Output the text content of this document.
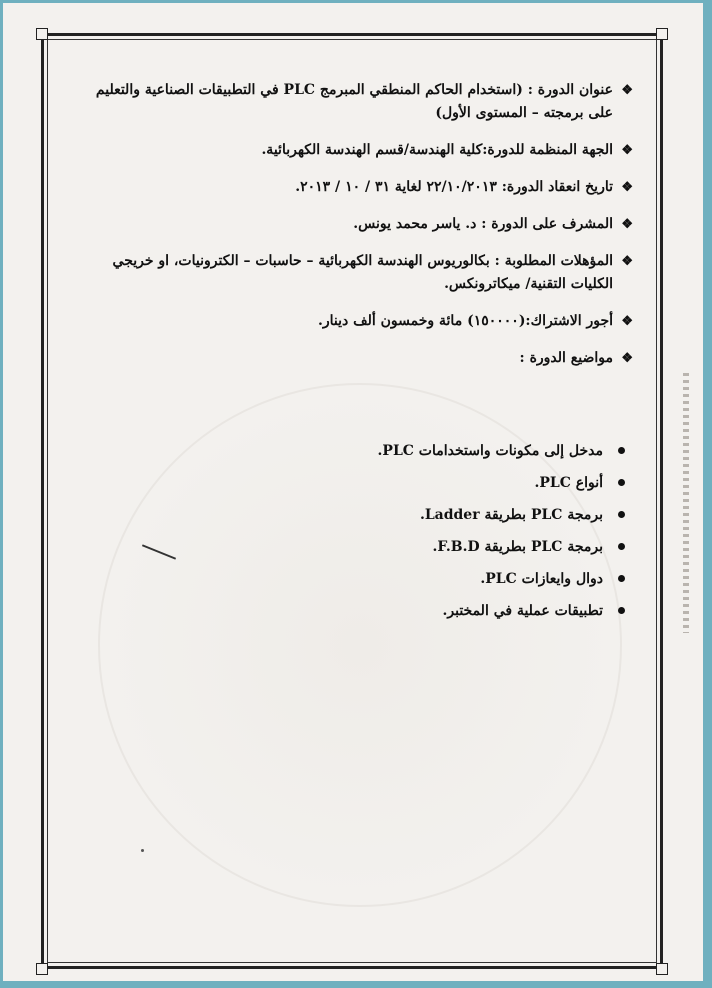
❖
عنوان الدورة : (استخدام الحاكم المنطقي المبرمج PLC في التطبيقات الصناعية والتعليم
على برمجته – المستوى الأول)
❖
الجهة المنظمة للدورة:كلية الهندسة/قسم الهندسة الكهربائية.
❖
تاريخ انعقاد الدورة: ٢٢/١٠/٢٠١٣ لغاية ٣١ / ١٠ / ٢٠١٣.
❖
المشرف على الدورة : د. ياسر محمد يونس.
❖
المؤهلات المطلوبة : بكالوريوس الهندسة الكهربائية – حاسبات – الكترونيات، او خريجي
الكليات التقنية/ ميكاترونكس.
❖
أجور الاشتراك:(١٥٠٠٠٠) مائة وخمسون ألف دينار.
❖
مواضيع الدورة :
مدخل إلى مكونات واستخدامات PLC.
أنواع PLC.
برمجة PLC بطريقة Ladder.
برمجة PLC بطريقة F.B.D.
دوال وايعازات PLC.
تطبيقات عملية في المختبر.
